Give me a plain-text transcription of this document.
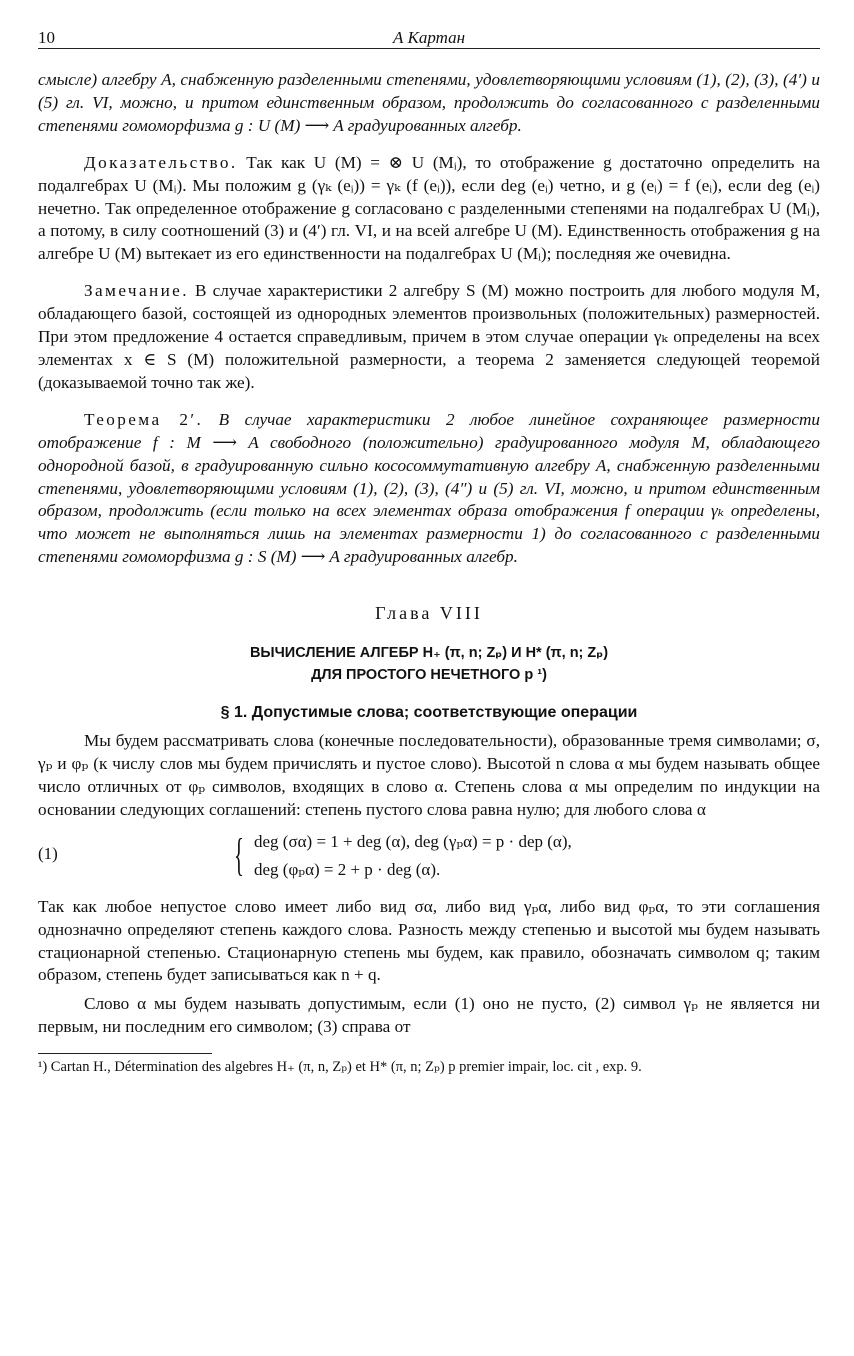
10	А Картан

смысле) алгебру A, снабженную разделенными степенями, удовлетворяющими условиям (1), (2), (3), (4′) и (5) гл. VI, можно, и притом единственным образом, продолжить до согласованного с разделенными степенями гомоморфизма g : U (M) ⟶ A градуированных алгебр.

Доказательство. Так как U (M) = ⊗ U (Mᵢ), то отображение g достаточно определить на подалгебрах U (Mᵢ). Мы положим g (γₖ (eᵢ)) = γₖ (f (eᵢ)), если deg (eᵢ) четно, и g (eᵢ) = f (eᵢ), если deg (eᵢ) нечетно. Так определенное отображение g согласовано с разделенными степенями на подалгебрах U (Mᵢ), а потому, в силу соотношений (3) и (4′) гл. VI, и на всей алгебре U (M). Единственность отображения g на алгебре U (M) вытекает из его единственности на подалгебрах U (Mᵢ); последняя же очевидна.

Замечание. В случае характеристики 2 алгебру S (M) можно построить для любого модуля M, обладающего базой, состоящей из однородных элементов произвольных (положительных) размерностей. При этом предложение 4 остается справедливым, причем в этом случае операции γₖ определены на всех элементах x ∈ S (M) положительной размерности, а теорема 2 заменяется следующей теоремой (доказываемой точно так же).

Теорема 2′. В случае характеристики 2 любое линейное сохраняющее размерности отображение f : M ⟶ A свободного (положительно) градуированного модуля M, обладающего однородной базой, в градуированную сильно кососоммутативную алгебру A, снабженную разделенными степенями, удовлетворяющими условиям (1), (2), (3), (4″) и (5) гл. VI, можно, и притом единственным образом, продолжить (если только на всех элементах образа отображения f операции γₖ определены, что может не выполняться лишь на элементах размерности 1) до согласованного с разделенными степенями гомоморфизма g : S (M) ⟶ A градуированных алгебр.

Глава VIII
ВЫЧИСЛЕНИЕ АЛГЕБР H₊ (π, n; Zₚ) И H* (π, n; Zₚ)
ДЛЯ ПРОСТОГО НЕЧЕТНОГО p ¹)
§ 1. Допустимые слова; соответствующие операции

Мы будем рассматривать слова (конечные последовательности), образованные тремя символами; σ, γₚ и φₚ (к числу слов мы будем причислять и пустое слово). Высотой n слова α мы будем называть общее число отличных от φₚ символов, входящих в слово α. Степень слова α мы определим по индукции на основании следующих соглашений: степень пустого слова равна нулю; для любого слова α

(1)	{ deg (σα) = 1 + deg (α), deg (γₚα) = p · dep (α),
deg (φₚα) = 2 + p · deg (α).

Так как любое непустое слово имеет либо вид σα, либо вид γₚα, либо вид φₚα, то эти соглашения однозначно определяют степень каждого слова. Разность между степенью и высотой мы будем называть стационарной степенью. Стационарную степень мы будем, как правило, обозначать символом q; таким образом, степень будет записываться как n + q.

Слово α мы будем называть допустимым, если (1) оно не пусто, (2) символ γₚ не является ни первым, ни последним его символом; (3) справа от

¹) Cartan H., Détermination des algebres H₊ (π, n, Zₚ) et H* (π, n; Zₚ) p premier impair, loc. cit , exp. 9.
